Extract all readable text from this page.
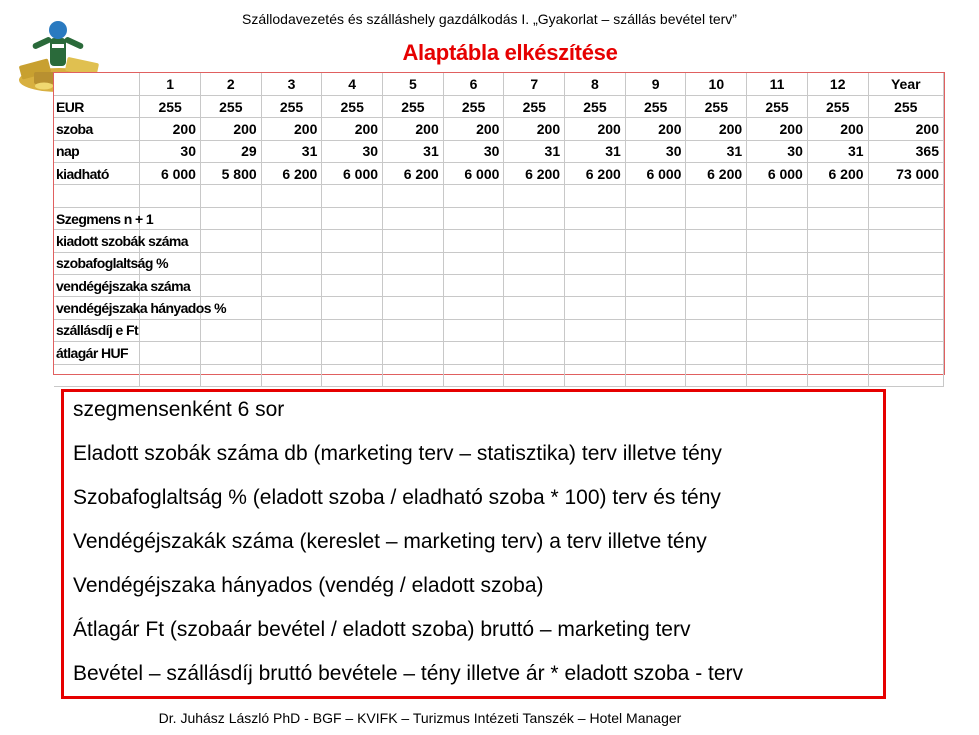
Szállodavezetés és szálláshely gazdálkodás I. „Gyakorlat – szállás bevétel terv”
Alaptábla elkészítése
	1	2	3	4	5	6	7	8	9	10	11	12	Year
EUR	255	255	255	255	255	255	255	255	255	255	255	255	255
szoba	200	200	200	200	200	200	200	200	200	200	200	200	200
nap	30	29	31	30	31	30	31	31	30	31	30	31	365
kiadható	6 000	5 800	6 200	6 000	6 200	6 000	6 200	6 200	6 000	6 200	6 000	6 200	73 000

Szegmens n + 1													
kiadott szobák száma													
szobafoglaltság %													
vendégéjszaka száma													
vendégéjszaka hányados %													
szállásdíj e Ft													
átlagár HUF													

szegmensenként 6 sor
Eladott szobák száma db (marketing terv – statisztika) terv illetve tény
Szobafoglaltság % (eladott szoba / eladható szoba * 100) terv és tény
Vendégéjszakák száma (kereslet – marketing terv) a terv illetve tény
Vendégéjszaka hányados (vendég / eladott szoba)
Átlagár Ft (szobaár bevétel / eladott szoba) bruttó – marketing terv
Bevétel – szállásdíj bruttó bevétele – tény illetve ár * eladott szoba - terv
Dr. Juhász László PhD - BGF – KVIFK – Turizmus Intézeti Tanszék – Hotel Manager
